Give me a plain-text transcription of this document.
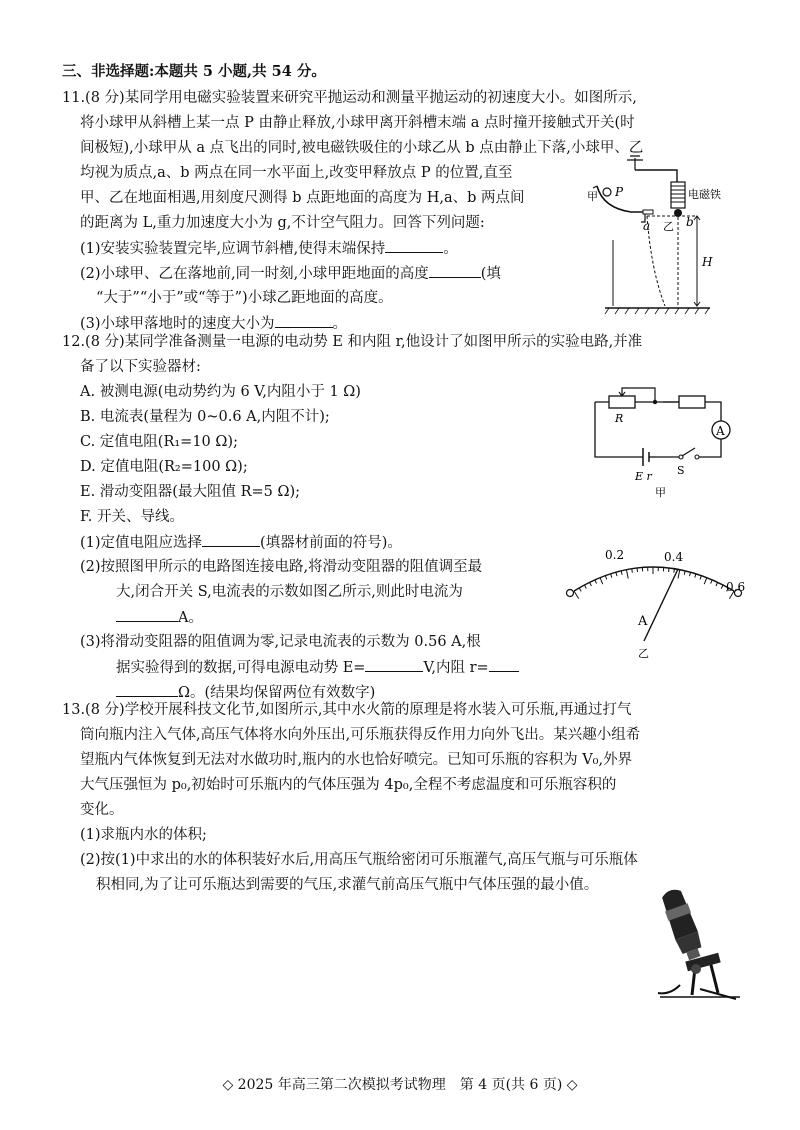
三、非选择题:本题共 5 小题,共 54 分。
11.(8 分)某同学用电磁实验装置来研究平抛运动和测量平抛运动的初速度大小。如图所示,
将小球甲从斜槽上某一点 P 由静止释放,小球甲离开斜槽末端 a 点时撞开接触式开关(时
间极短),小球甲从 a 点飞出的同时,被电磁铁吸住的小球乙从 b 点由静止下落,小球甲、乙
均视为质点,a、b 两点在同一水平面上,改变甲释放点 P 的位置,直至
甲、乙在地面相遇,用刻度尺测得 b 点距地面的高度为 H,a、b 两点间
的距离为 L,重力加速度大小为 g,不计空气阻力。回答下列问题:
(1)安装实验装置完毕,应调节斜槽,使得末端保持	。
(2)小球甲、乙在落地前,同一时刻,小球甲距地面的高度	(填
“大于”“小于”或“等于”)小球乙距地面的高度。
(3)小球甲落地时的速度大小为	。
甲 P	电磁铁
a 乙 b
H
12.(8 分)某同学准备测量一电源的电动势 E 和内阻 r,他设计了如图甲所示的实验电路,并准
备了以下实验器材:
A. 被测电源(电动势约为 6 V,内阻小于 1 Ω)
B. 电流表(量程为 0~0.6 A,内阻不计);
C. 定值电阻(R₁=10 Ω);
D. 定值电阻(R₂=100 Ω);
E. 滑动变阻器(最大阻值 R=5 Ω);
F. 开关、导线。
(1)定值电阻应选择	(填器材前面的符号)。
(2)按照图甲所示的电路图连接电路,将滑动变阻器的阻值调至最
大,闭合开关 S,电流表的示数如图乙所示,则此时电流为
A。
(3)将滑动变阻器的阻值调为零,记录电流表的示数为 0.56 A,根
据实验得到的数据,可得电源电动势 E=	V,内阻 r=
Ω。(结果均保留两位有效数字)
A
R
E r S
甲
0.2	0.4
0.6
A
乙
13.(8 分)学校开展科技文化节,如图所示,其中水火箭的原理是将水装入可乐瓶,再通过打气
筒向瓶内注入气体,高压气体将水向外压出,可乐瓶获得反作用力向外飞出。某兴趣小组希
望瓶内气体恢复到无法对水做功时,瓶内的水也恰好喷完。已知可乐瓶的容积为 V₀,外界
大气压强恒为 p₀,初始时可乐瓶内的气体压强为 4p₀,全程不考虑温度和可乐瓶容积的
变化。
(1)求瓶内水的体积;
(2)按(1)中求出的水的体积装好水后,用高压气瓶给密闭可乐瓶灌气,高压气瓶与可乐瓶体
积相同,为了让可乐瓶达到需要的气压,求灌气前高压气瓶中气体压强的最小值。
◇ 2025 年高三第二次模拟考试物理　第 4 页(共 6 页) ◇
